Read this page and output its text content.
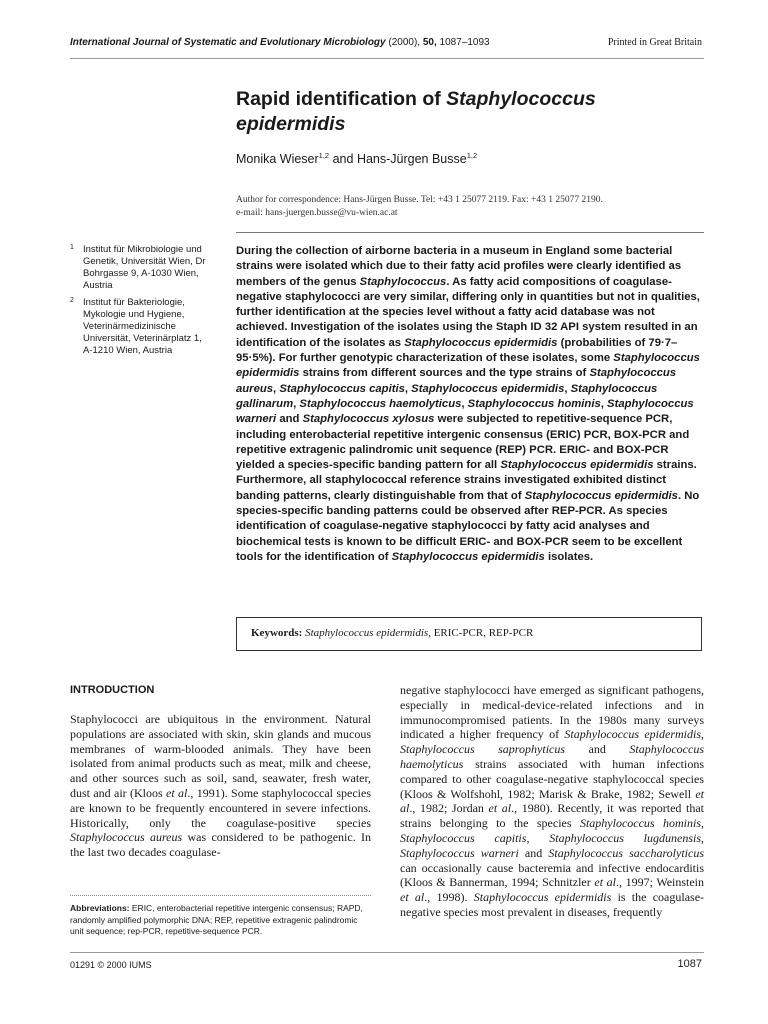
International Journal of Systematic and Evolutionary Microbiology (2000), 50, 1087–1093	Printed in Great Britain
Rapid identification of Staphylococcus
epidermidis
Monika Wieser$^{1,2}$ and Hans-Jürgen Busse$^{1,2}$
Author for correspondence: Hans-Jürgen Busse. Tel: +43 1 25077 2119. Fax: +43 1 25077 2190.
e-mail: hans-juergen.busse@vu-wien.ac.at
1 Institut für Mikrobiologie und Genetik, Universität Wien, Dr Bohrgasse 9, A-1030 Wien, Austria
2 Institut für Bakteriologie, Mykologie und Hygiene, Veterinärmedizinische Universität, Veterinärplatz 1, A-1210 Wien, Austria
During the collection of airborne bacteria in a museum in England some bacterial strains were isolated which due to their fatty acid profiles were clearly identified as members of the genus Staphylococcus. As fatty acid compositions of coagulase-negative staphylococci are very similar, differing only in quantities but not in qualities, further identification at the species level without a fatty acid database was not achieved. Investigation of the isolates using the Staph ID 32 API system resulted in an identification of the isolates as Staphylococcus epidermidis (probabilities of 79·7–95·5%). For further genotypic characterization of these isolates, some Staphylococcus epidermidis strains from different sources and the type strains of Staphylococcus aureus, Staphylococcus capitis, Staphylococcus epidermidis, Staphylococcus gallinarum, Staphylococcus haemolyticus, Staphylococcus hominis, Staphylococcus warneri and Staphylococcus xylosus were subjected to repetitive-sequence PCR, including enterobacterial repetitive intergenic consensus (ERIC) PCR, BOX-PCR and repetitive extragenic palindromic unit sequence (REP) PCR. ERIC- and BOX-PCR yielded a species-specific banding pattern for all Staphylococcus epidermidis strains. Furthermore, all staphylococcal reference strains investigated exhibited distinct banding patterns, clearly distinguishable from that of Staphylococcus epidermidis. No species-specific banding patterns could be observed after REP-PCR. As species identification of coagulase-negative staphylococci by fatty acid analyses and biochemical tests is known to be difficult ERIC- and BOX-PCR seem to be excellent tools for the identification of Staphylococcus epidermidis isolates.
Keywords: Staphylococcus epidermidis, ERIC-PCR, REP-PCR
INTRODUCTION
Staphylococci are ubiquitous in the environment. Natural populations are associated with skin, skin glands and mucous membranes of warm-blooded animals. They have been isolated from animal products such as meat, milk and cheese, and other sources such as soil, sand, seawater, fresh water, dust and air (Kloos et al., 1991). Some staphylococcal species are known to be frequently encountered in severe infections. Historically, only the coagulase-positive species Staphylococcus aureus was considered to be pathogenic. In the last two decades coagulase-
negative staphylococci have emerged as significant pathogens, especially in medical-device-related infections and in immunocompromised patients. In the 1980s many surveys indicated a higher frequency of Staphylococcus epidermidis, Staphylococcus saprophyticus and Staphylococcus haemolyticus strains associated with human infections compared to other coagulase-negative staphylococcal species (Kloos & Wolfshohl, 1982; Marisk & Brake, 1982; Sewell et al., 1982; Jordan et al., 1980). Recently, it was reported that strains belonging to the species Staphylococcus hominis, Staphylococcus capitis, Staphylococcus lugdunensis, Staphylococcus warneri and Staphylococcus saccharolyticus can occasionally cause bacteremia and infective endocarditis (Kloos & Bannerman, 1994; Schnitzler et al., 1997; Weinstein et al., 1998). Staphylococcus epidermidis is the coagulase-negative species most prevalent in diseases, frequently
Abbreviations: ERIC, enterobacterial repetitive intergenic consensus; RAPD, randomly amplified polymorphic DNA; REP, repetitive extragenic palindromic unit sequence; rep-PCR, repetitive-sequence PCR.
01291 © 2000 IUMS	1087
